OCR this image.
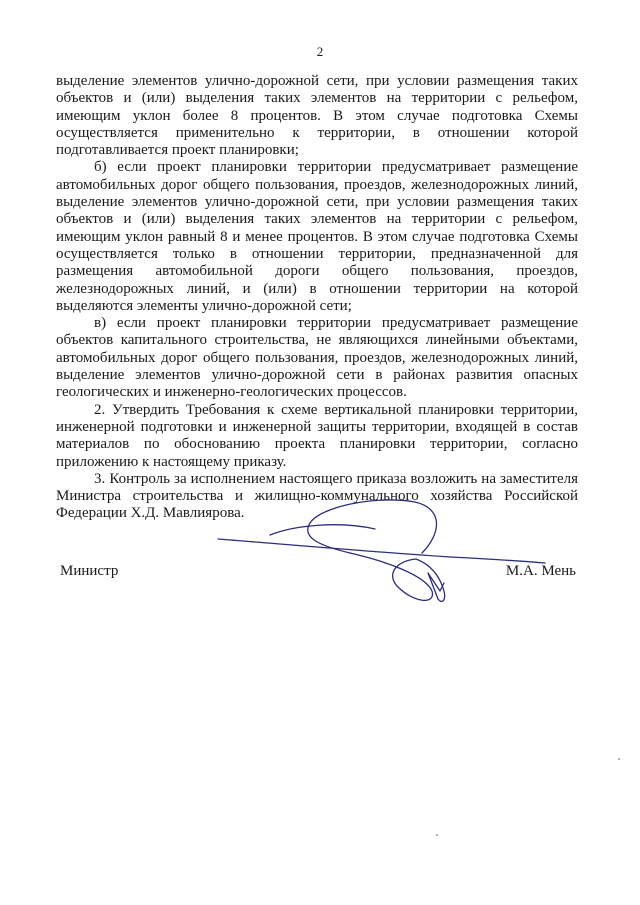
2

выделение элементов улично-дорожной сети, при условии размещения таких объектов и (или) выделения таких элементов на территории с рельефом, имеющим уклон более 8 процентов. В этом случае подготовка Схемы осуществляется применительно к территории, в отношении которой подготавливается проект планировки;

б) если проект планировки территории предусматривает размещение автомобильных дорог общего пользования, проездов, железнодорожных линий, выделение элементов улично-дорожной сети, при условии размещения таких объектов и (или) выделения таких элементов на территории с рельефом, имеющим уклон равный 8 и менее процентов. В этом случае подготовка Схемы осуществляется только в отношении территории, предназначенной для размещения автомобильной дороги общего пользования, проездов, железнодорожных линий, и (или) в отношении территории на которой выделяются элементы улично-дорожной сети;

в) если проект планировки территории предусматривает размещение объектов капитального строительства, не являющихся линейными объектами, автомобильных дорог общего пользования, проездов, железнодорожных линий, выделение элементов улично-дорожной сети в районах развития опасных геологических и инженерно-геологических процессов.

2. Утвердить Требования к схеме вертикальной планировки территории, инженерной подготовки и инженерной защиты территории, входящей в состав материалов по обоснованию проекта планировки территории, согласно приложению к настоящему приказу.

3. Контроль за исполнением настоящего приказа возложить на заместителя Министра строительства и жилищно-коммунального хозяйства Российской Федерации Х.Д. Мавлиярова.

Министр	М.А. Мень
